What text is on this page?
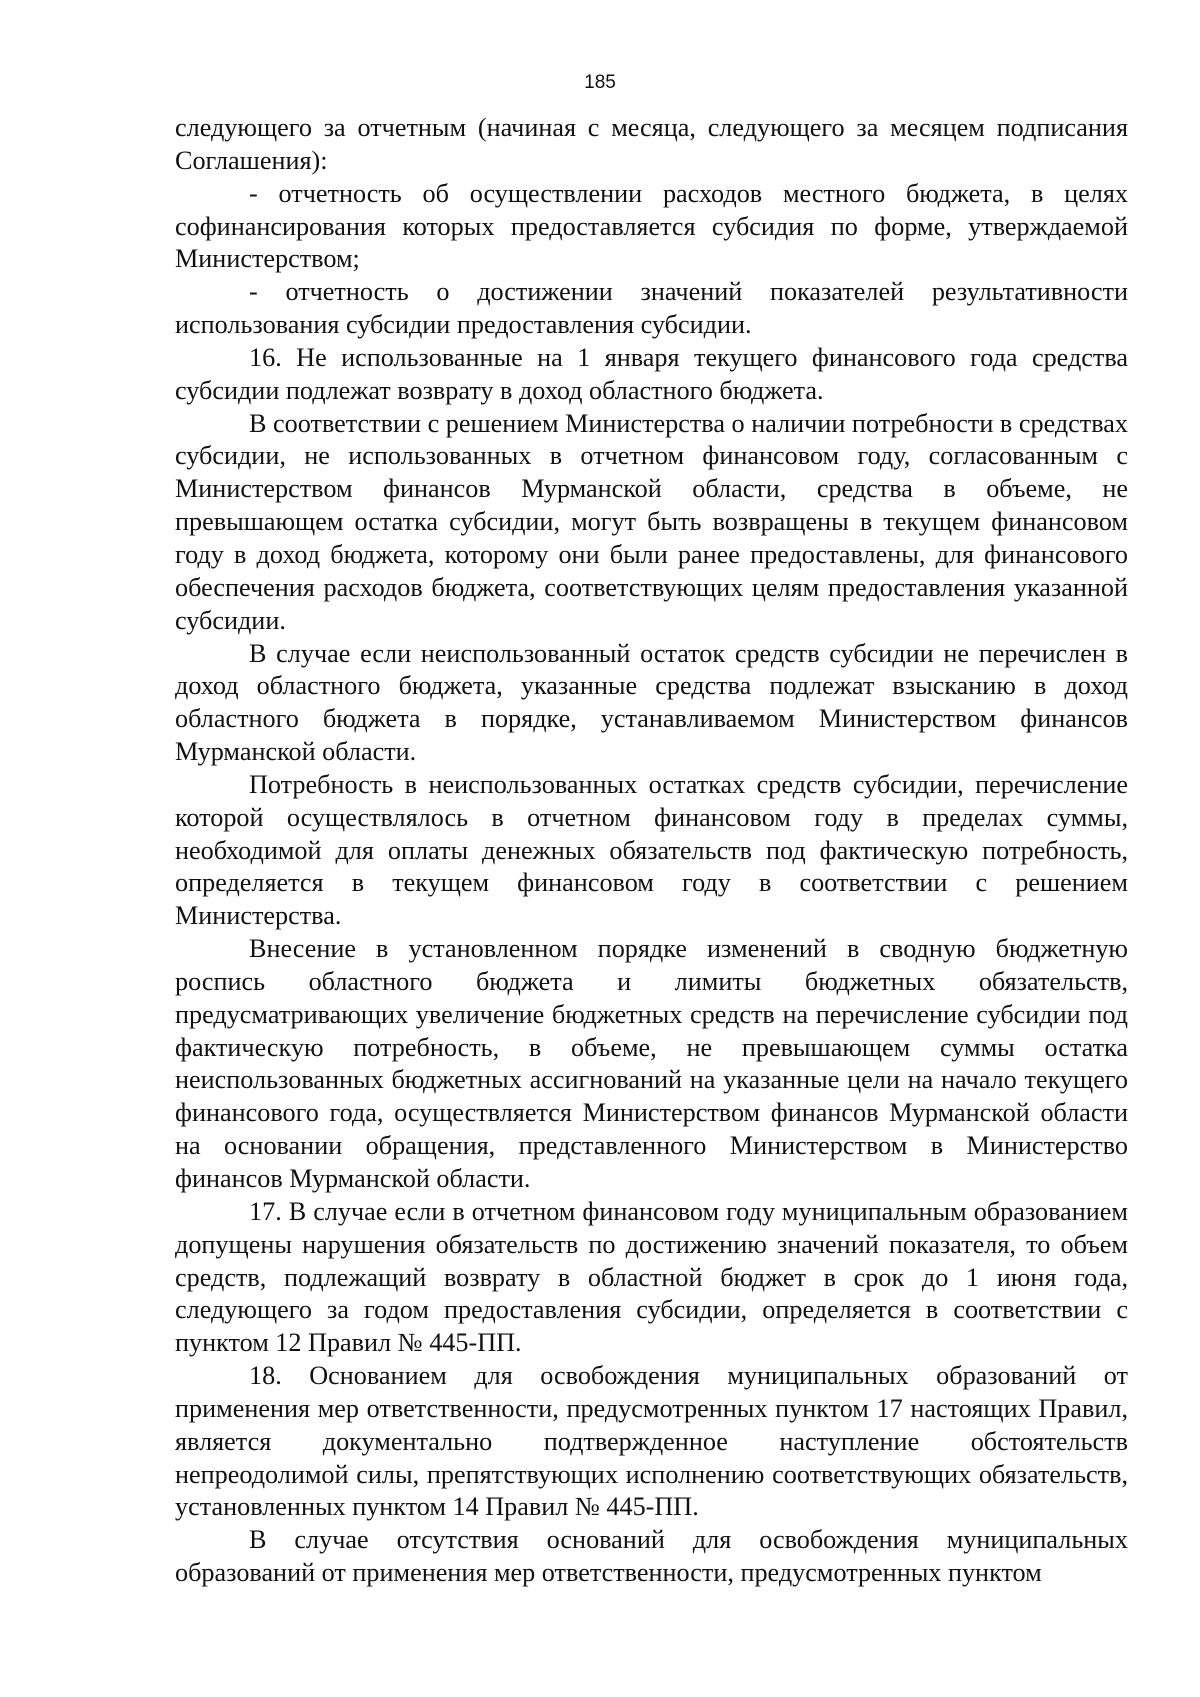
185

следующего за отчетным (начиная с месяца, следующего за месяцем подписания Соглашения):

- отчетность об осуществлении расходов местного бюджета, в целях софинансирования которых предоставляется субсидия по форме, утверждаемой Министерством;

- отчетность о достижении значений показателей результативности использования субсидии предоставления субсидии.

16. Не использованные на 1 января текущего финансового года средства субсидии подлежат возврату в доход областного бюджета.

В соответствии с решением Министерства о наличии потребности в средствах субсидии, не использованных в отчетном финансовом году, согласованным с Министерством финансов Мурманской области, средства в объеме, не превышающем остатка субсидии, могут быть возвращены в текущем финансовом году в доход бюджета, которому они были ранее предоставлены, для финансового обеспечения расходов бюджета, соответствующих целям предоставления указанной субсидии.

В случае если неиспользованный остаток средств субсидии не перечислен в доход областного бюджета, указанные средства подлежат взысканию в доход областного бюджета в порядке, устанавливаемом Министерством финансов Мурманской области.

Потребность в неиспользованных остатках средств субсидии, перечисление которой осуществлялось в отчетном финансовом году в пределах суммы, необходимой для оплаты денежных обязательств под фактическую потребность, определяется в текущем финансовом году в соответствии с решением Министерства.

Внесение в установленном порядке изменений в сводную бюджетную роспись областного бюджета и лимиты бюджетных обязательств, предусматривающих увеличение бюджетных средств на перечисление субсидии под фактическую потребность, в объеме, не превышающем суммы остатка неиспользованных бюджетных ассигнований на указанные цели на начало текущего финансового года, осуществляется Министерством финансов Мурманской области на основании обращения, представленного Министерством в Министерство финансов Мурманской области.

17. В случае если в отчетном финансовом году муниципальным образованием допущены нарушения обязательств по достижению значений показателя, то объем средств, подлежащий возврату в областной бюджет в срок до 1 июня года, следующего за годом предоставления субсидии, определяется в соответствии с пунктом 12 Правил № 445-ПП.

18. Основанием для освобождения муниципальных образований от применения мер ответственности, предусмотренных пунктом 17 настоящих Правил, является документально подтвержденное наступление обстоятельств непреодолимой силы, препятствующих исполнению соответствующих обязательств, установленных пунктом 14 Правил № 445-ПП.

В случае отсутствия оснований для освобождения муниципальных образований от применения мер ответственности, предусмотренных пунктом
